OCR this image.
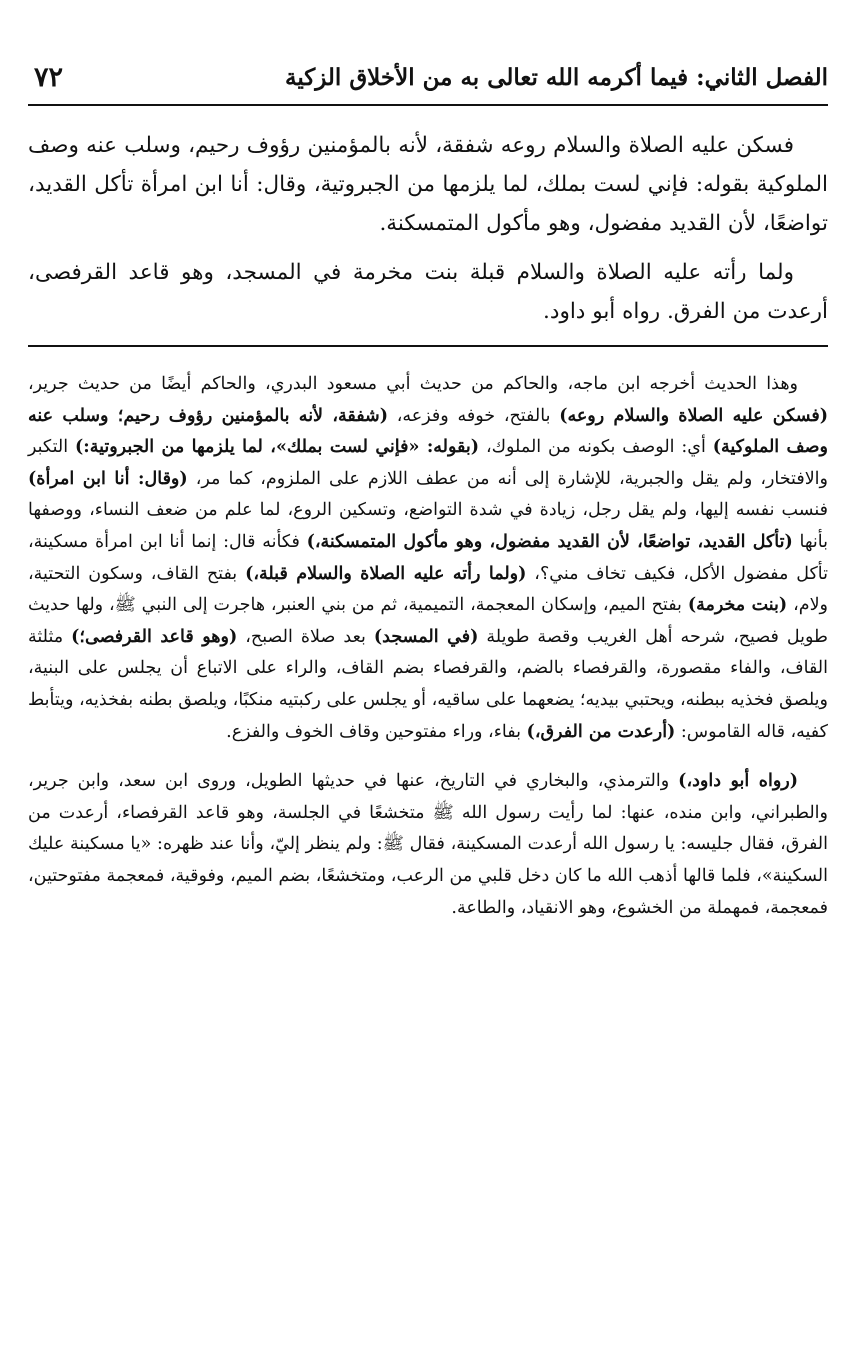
الفصل الثاني: فيما أكرمه الله تعالى به من الأخلاق الزكية
٧٢

فسكن عليه الصلاة والسلام روعه شفقة، لأنه بالمؤمنين رؤوف رحيم، وسلب عنه وصف الملوكية بقوله: فإني لست بملك، لما يلزمها من الجبروتية، وقال: أنا ابن امرأة تأكل القديد، تواضعًا، لأن القديد مفضول، وهو مأكول المتمسكنة.

ولما رأته عليه الصلاة والسلام قبلة بنت مخرمة في المسجد، وهو قاعد القرفصى، أرعدت من الفرق. رواه أبو داود.

وهذا الحديث أخرجه ابن ماجه، والحاكم من حديث أبي مسعود البدري، والحاكم أيضًا من حديث جرير، (فسكن عليه الصلاة والسلام روعه) بالفتح، خوفه وفزعه، (شفقة، لأنه بالمؤمنين رؤوف رحيم؛ وسلب عنه وصف الملوكية) أي: الوصف بكونه من الملوك، (بقوله: «فإني لست بملك»، لما يلزمها من الجبروتية:) التكبر والافتخار، ولم يقل والجبرية، للإشارة إلى أنه من عطف اللازم على الملزوم، كما مر، (وقال: أنا ابن امرأة) فنسب نفسه إليها، ولم يقل رجل، زيادة في شدة التواضع، وتسكين الروع، لما علم من ضعف النساء، ووصفها بأنها (تأكل القديد، تواضعًا، لأن القديد مفضول، وهو مأكول المتمسكنة،) فكأنه قال: إنما أنا ابن امرأة مسكينة، تأكل مفضول الأكل، فكيف تخاف مني؟، (ولما رأته عليه الصلاة والسلام قبلة،) بفتح القاف، وسكون التحتية، ولام، (بنت مخرمة) بفتح الميم، وإسكان المعجمة، التميمية، ثم من بني العنبر، هاجرت إلى النبي ﷺ، ولها حديث طويل فصيح، شرحه أهل الغريب وقصة طويلة (في المسجد) بعد صلاة الصبح، (وهو قاعد القرفصى؛) مثلثة القاف، والفاء مقصورة، والقرفصاء بالضم، والقرفصاء بضم القاف، والراء على الاتباع أن يجلس على البنية، ويلصق فخذيه ببطنه، ويحتبي بيديه؛ يضعهما على ساقيه، أو يجلس على ركبتيه منكبًا، ويلصق بطنه بفخذيه، ويتأبط كفيه، قاله القاموس: (أرعدت من الفرق،) بفاء، وراء مفتوحين وقاف الخوف والفزع.

(رواه أبو داود،) والترمذي، والبخاري في التاريخ، عنها في حديثها الطويل، وروى ابن سعد، وابن جرير، والطبراني، وابن منده، عنها: لما رأيت رسول الله ﷺ متخشعًا في الجلسة، وهو قاعد القرفصاء، أرعدت من الفرق، فقال جليسه: يا رسول الله أرعدت المسكينة، فقال ﷺ: ولم ينظر إليّ، وأنا عند ظهره: «يا مسكينة عليك السكينة»، فلما قالها أذهب الله ما كان دخل قلبي من الرعب، ومتخشعًا، بضم الميم، وفوقية، فمعجمة مفتوحتين، فمعجمة، فمهملة من الخشوع، وهو الانقياد، والطاعة.
